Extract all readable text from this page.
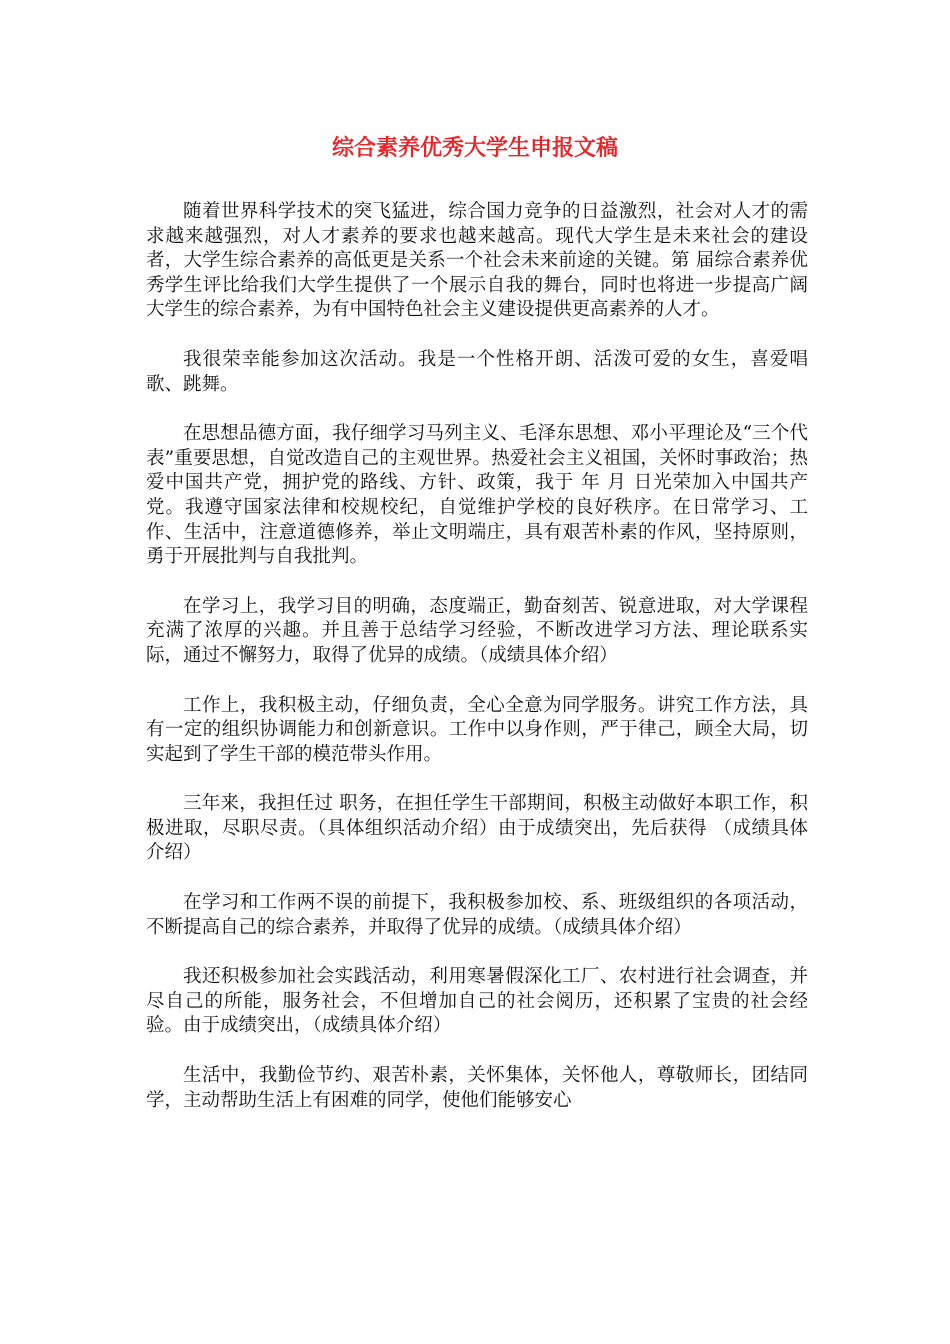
综合素养优秀大学生申报文稿

随着世界科学技术的突飞猛进，综合国力竞争的日益激烈，社会对人才的需求越来越强烈，对人才素养的要求也越来越高。现代大学生是未来社会的建设者，大学生综合素养的高低更是关系一个社会未来前途的关键。第 届综合素养优秀学生评比给我们大学生提供了一个展示自我的舞台，同时也将进一步提高广阔大学生的综合素养，为有中国特色社会主义建设提供更高素养的人才。

我很荣幸能参加这次活动。我是一个性格开朗、活泼可爱的女生，喜爱唱歌、跳舞。

在思想品德方面，我仔细学习马列主义、毛泽东思想、邓小平理论及“三个代表”重要思想，自觉改造自己的主观世界。热爱社会主义祖国，关怀时事政治；热爱中国共产党，拥护党的路线、方针、政策，我于 年 月 日光荣加入中国共产党。我遵守国家法律和校规校纪，自觉维护学校的良好秩序。在日常学习、工作、生活中，注意道德修养，举止文明端庄，具有艰苦朴素的作风，坚持原则，勇于开展批判与自我批判。

在学习上，我学习目的明确，态度端正，勤奋刻苦、锐意进取，对大学课程充满了浓厚的兴趣。并且善于总结学习经验，不断改进学习方法、理论联系实际，通过不懈努力，取得了优异的成绩。（成绩具体介绍）

工作上，我积极主动，仔细负责，全心全意为同学服务。讲究工作方法，具有一定的组织协调能力和创新意识。工作中以身作则，严于律己，顾全大局，切实起到了学生干部的模范带头作用。

三年来，我担任过 职务，在担任学生干部期间，积极主动做好本职工作，积极进取，尽职尽责。（具体组织活动介绍）由于成绩突出，先后获得 （成绩具体介绍）

在学习和工作两不误的前提下，我积极参加校、系、班级组织的各项活动，不断提高自己的综合素养，并取得了优异的成绩。（成绩具体介绍）

我还积极参加社会实践活动，利用寒暑假深化工厂、农村进行社会调查，并尽自己的所能，服务社会，不但增加自己的社会阅历，还积累了宝贵的社会经验。由于成绩突出，（成绩具体介绍）

生活中，我勤俭节约、艰苦朴素，关怀集体，关怀他人，尊敬师长，团结同学，主动帮助生活上有困难的同学，使他们能够安心
